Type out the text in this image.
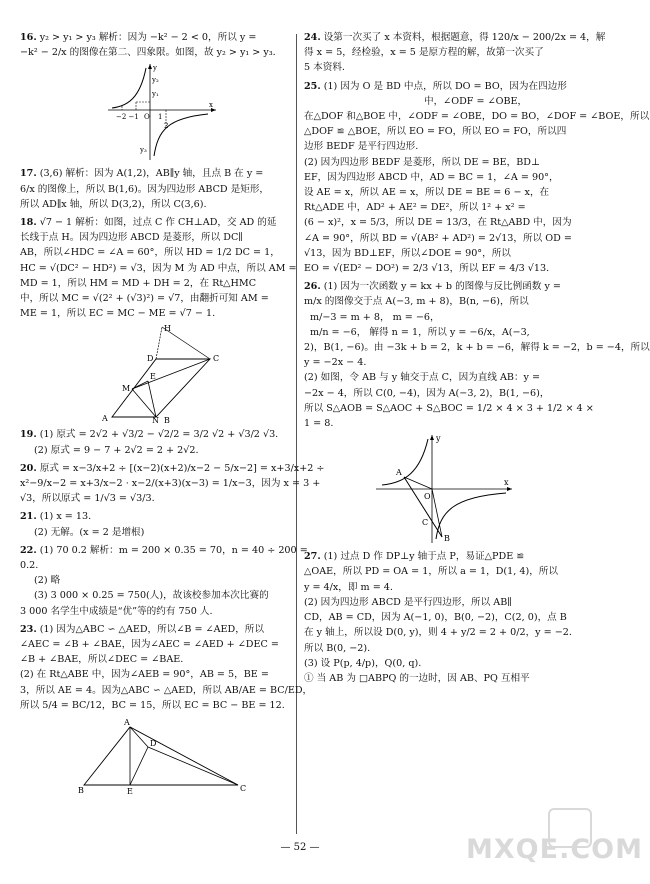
16. y₂ > y₁ > y₃ 解析：因为 −k² − 2 < 0，所以 y =
−k² − 2/x 的图像在第二、四象限。如图，故 y₂ > y₁ > y₃.
y₂
y₁
y₃
x
y
O
−2 −1	1
2
17. (3,6) 解析：因为 A(1,2)，AB∥y 轴，且点 B 在 y =
6/x 的图像上，所以 B(1,6)。因为四边形 ABCD 是矩形，
所以 AD∥x 轴，所以 D(3,2)，所以 C(3,6).
18. √7 − 1 解析：如图，过点 C 作 CH⊥AD，交 AD 的延
长线于点 H。因为四边形 ABCD 是菱形，所以 DC∥
AB，所以∠HDC = ∠A = 60°，所以 HD = 1/2 DC = 1，
HC = √(DC² − HD²) = √3，因为 M 为 AD 中点，所以 AM =
MD = 1，所以 HM = MD + DH = 2，在 Rt△HMC
中，所以 MC = √(2² + (√3)²) = √7，由翻折可知 AM =
ME = 1，所以 EC = MC − ME = √7 − 1.
H
D	C
E
M
A	N B
19. (1) 原式 = 2√2 + √3/2 − √2/2 = 3/2 √2 + √3/2 √3.
(2) 原式 = 9 − 7 + 2√2 = 2 + 2√2.
20. 原式 = x−3/x+2 ÷ [(x−2)(x+2)/x−2 − 5/x−2] = x+3/x+2 ÷
x²−9/x−2 = x+3/x−2 · x−2/(x+3)(x−3) = 1/x−3，因为 x = 3 +
√3，所以原式 = 1/√3 = √3/3.
21. (1) x = 13.
(2) 无解。(x = 2 是增根)
22. (1) 70 0.2 解析：m = 200 × 0.35 = 70，n = 40 ÷ 200 =
0.2.
(2) 略
(3) 3 000 × 0.25 = 750(人)，故该校参加本次比赛的
3 000 名学生中成绩是“优”等的约有 750 人.
23. (1) 因为△ABC ∽ △AED，所以∠B = ∠AED，所以
∠AEC = ∠B + ∠BAE，因为∠AEC = ∠AED + ∠DEC =
∠B + ∠BAE，所以∠DEC = ∠BAE.
(2) 在 Rt△ABE 中，因为∠AEB = 90°，AB = 5，BE =
3，所以 AE = 4。因为△ABC ∽ △AED，所以 AB/AE = BC/ED，
所以 5/4 = BC/12，BC = 15，所以 EC = BC − BE = 12.
A
D
B	E	C
24. 设第一次买了 x 本资料，根据题意，得 120/x − 200/2x = 4，解
得 x = 5，经检验，x = 5 是原方程的解，故第一次买了
5 本资料.
25. (1) 因为 O 是 BD 中点，所以 DO = BO，因为在四边形
中，∠ODF = ∠OBE，
在△DOF 和△BOE 中，∠ODF = ∠OBE，DO = BO，∠DOF = ∠BOE，所以
△DOF ≌ △BOE，所以 EO = FO，所以 EO = FO，所以四
边形 BEDF 是平行四边形.
(2) 因为四边形 BEDF 是菱形，所以 DE = BE，BD⊥
EF，因为四边形 ABCD 中，AD = BC = 1，∠A = 90°，
设 AE = x，所以 AE = x，所以 DE = BE = 6 − x，在
Rt△ADE 中，AD² + AE² = DE²，所以 1² + x² =
(6 − x)²，x = 5/3，所以 DE = 13/3，在 Rt△ABD 中，因为
∠A = 90°，所以 BD = √(AB² + AD²) = 2√13，所以 OD =
√13，因为 BD⊥EF，所以∠DOE = 90°，所以
EO = √(ED² − DO²) = 2/3 √13，所以 EF = 4/3 √13.
26. (1) 因为一次函数 y = kx + b 的图像与反比例函数 y =
m/x 的图像交于点 A(−3, m + 8)，B(n, −6)，所以
m/−3 = m + 8， m = −6，
m/n = −6， 解得 n = 1，所以 y = −6/x，A(−3,
2)，B(1, −6)。由 −3k + b = 2，k + b = −6，解得 k = −2，b = −4，所以
y = −2x − 4.
(2) 如图，令 AB 与 y 轴交于点 C，因为直线 AB：y =
−2x − 4，所以 C(0, −4)，因为 A(−3, 2)，B(1, −6)，
所以 S△AOB = S△AOC + S△BOC = 1/2 × 4 × 3 + 1/2 × 4 ×
1 = 8.
y
x
A
O
C
B
27. (1) 过点 D 作 DP⊥y 轴于点 P，易证△PDE ≌
△OAE，所以 PD = OA = 1，所以 a = 1，D(1, 4)，所以
y = 4/x，即 m = 4.
(2) 因为四边形 ABCD 是平行四边形，所以 AB∥
CD，AB = CD，因为 A(−1, 0)，B(0, −2)，C(2, 0)，点 B
在 y 轴上，所以设 D(0, y)，则 4 + y/2 = 2 + 0/2，y = −2.
所以 B(0, −2).
(3) 设 P(p, 4/p)，Q(0, q).
① 当 AB 为 □ABPQ 的一边时，因 AB、PQ 互相平
— 52 —	MXQE.COM
